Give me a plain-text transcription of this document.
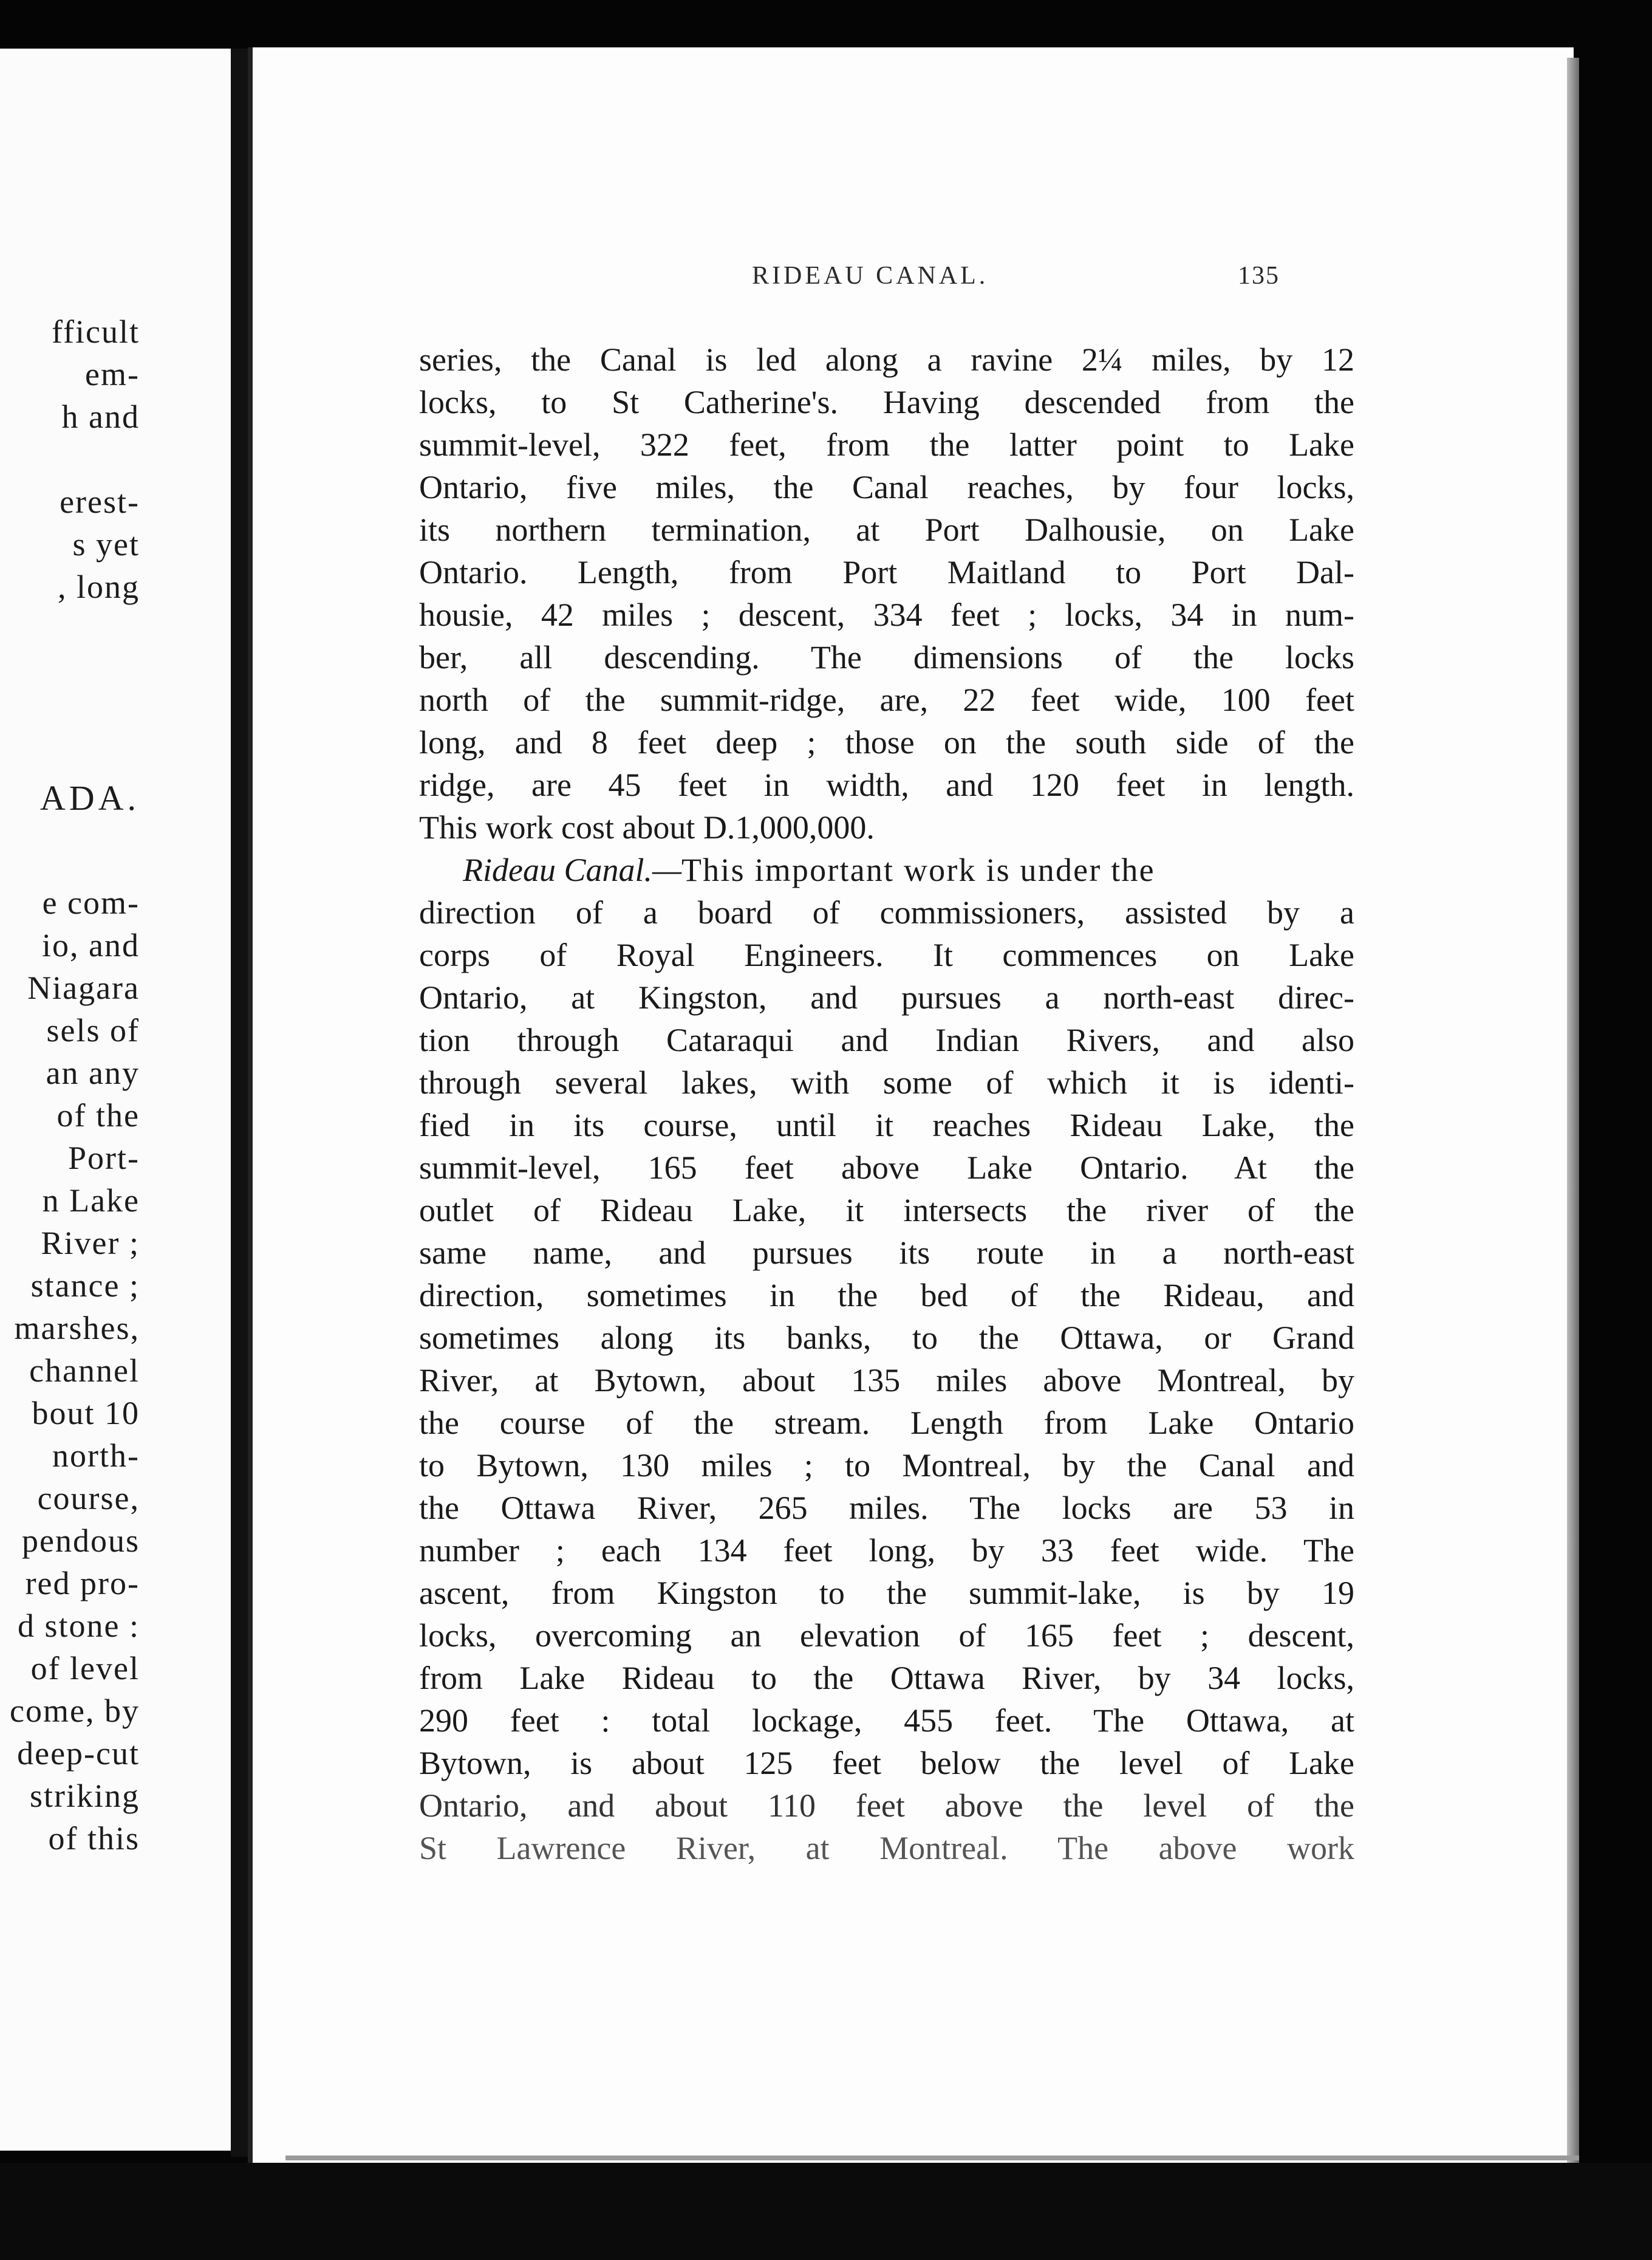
fficult
em-
h and
erest-
s yet
, long
ADA.
e com-
io, and
Niagara
sels of
an any
of the
Port-
n Lake
River ;
stance ;
marshes,
channel
bout 10
north-
course,
pendous
red pro-
d stone :
of level
come, by
deep-cut
striking
of this
RIDEAU CANAL.	135
series, the Canal is led along a ravine 2¼ miles, by 12
locks, to St Catherine's. Having descended from the
summit-level, 322 feet, from the latter point to Lake
Ontario, five miles, the Canal reaches, by four locks,
its northern termination, at Port Dalhousie, on Lake
Ontario. Length, from Port Maitland to Port Dal-
housie, 42 miles ; descent, 334 feet ; locks, 34 in num-
ber, all descending. The dimensions of the locks
north of the summit-ridge, are, 22 feet wide, 100 feet
long, and 8 feet deep ; those on the south side of the
ridge, are 45 feet in width, and 120 feet in length.
This work cost about D.1,000,000.
Rideau Canal.—This important work is under the
direction of a board of commissioners, assisted by a
corps of Royal Engineers. It commences on Lake
Ontario, at Kingston, and pursues a north-east direc-
tion through Cataraqui and Indian Rivers, and also
through several lakes, with some of which it is identi-
fied in its course, until it reaches Rideau Lake, the
summit-level, 165 feet above Lake Ontario. At the
outlet of Rideau Lake, it intersects the river of the
same name, and pursues its route in a north-east
direction, sometimes in the bed of the Rideau, and
sometimes along its banks, to the Ottawa, or Grand
River, at Bytown, about 135 miles above Montreal, by
the course of the stream. Length from Lake Ontario
to Bytown, 130 miles ; to Montreal, by the Canal and
the Ottawa River, 265 miles. The locks are 53 in
number ; each 134 feet long, by 33 feet wide. The
ascent, from Kingston to the summit-lake, is by 19
locks, overcoming an elevation of 165 feet ; descent,
from Lake Rideau to the Ottawa River, by 34 locks,
290 feet : total lockage, 455 feet. The Ottawa, at
Bytown, is about 125 feet below the level of Lake
Ontario, and about 110 feet above the level of the
St Lawrence River, at Montreal. The above work
